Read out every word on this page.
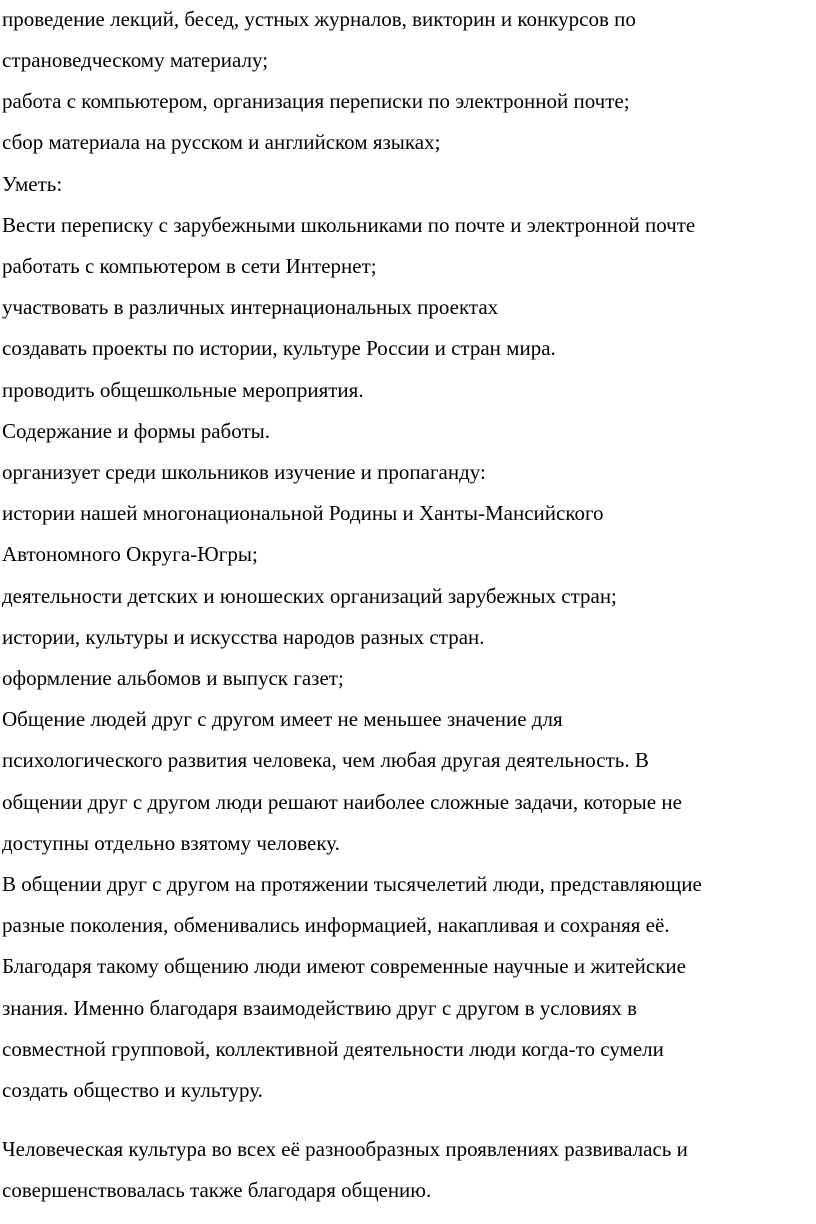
проведение лекций, бесед, устных журналов, викторин и конкурсов по
страноведческому материалу;
работа с компьютером, организация переписки по электронной почте;
сбор материала на русском и английском языках;
Уметь:
Вести переписку с зарубежными школьниками по почте и электронной почте
работать с компьютером в сети Интернет;
участвовать в различных интернациональных проектах
создавать проекты по истории, культуре России и стран мира.
проводить общешкольные мероприятия.
Содержание и формы работы.
организует среди школьников изучение и пропаганду:
истории нашей многонациональной Родины и Ханты-Мансийского
Автономного Округа-Югры;
деятельности детских и юношеских организаций зарубежных стран;
истории, культуры и искусства народов разных стран.
оформление альбомов и выпуск газет;
Общение людей друг с другом имеет не меньшее значение для
психологического развития человека, чем любая другая деятельность. В
общении друг с другом люди решают наиболее сложные задачи, которые не
доступны отдельно взятому человеку.
В общении друг с другом на протяжении тысячелетий люди, представляющие
разные поколения, обменивались информацией, накапливая и сохраняя её.
Благодаря такому общению люди имеют современные научные и житейские
знания. Именно благодаря взаимодействию друг с другом в условиях в
совместной групповой, коллективной деятельности люди когда-то сумели
создать общество и культуру.
Человеческая культура во всех её разнообразных проявлениях развивалась и
совершенствовалась также благодаря общению.
